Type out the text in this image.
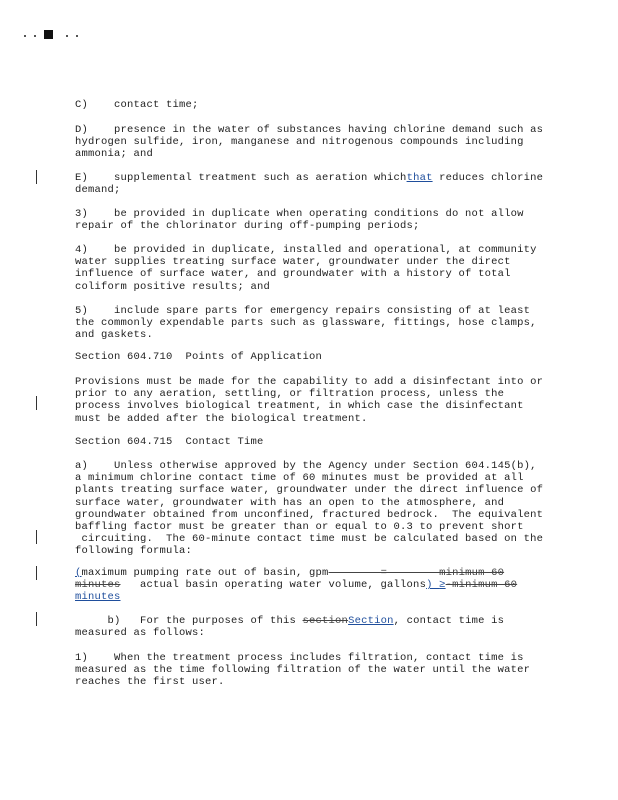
C)    contact time;
D)    presence in the water of substances having chlorine demand such as
hydrogen sulfide, iron, manganese and nitrogenous compounds including
ammonia; and
E)    supplemental treatment such as aeration whichthat reduces chlorine
demand;
3)    be provided in duplicate when operating conditions do not allow
repair of the chlorinator during off-pumping periods;
4)    be provided in duplicate, installed and operational, at community
water supplies treating surface water, groundwater under the direct
influence of surface water, and groundwater with a history of total
coliform positive results; and
5)    include spare parts for emergency repairs consisting of at least
the commonly expendable parts such as glassware, fittings, hose clamps,
and gaskets.
Section 604.710  Points of Application
Provisions must be made for the capability to add a disinfectant into or
prior to any aeration, settling, or filtration process, unless the
process involves biological treatment, in which case the disinfectant
must be added after the biological treatment.
Section 604.715  Contact Time
a)    Unless otherwise approved by the Agency under Section 604.145(b),
a minimum chlorine contact time of 60 minutes must be provided at all
plants treating surface water, groundwater under the direct influence of
surface water, groundwater with has an open to the atmosphere, and
groundwater obtained from unconfined, fractured bedrock.  The equivalent
baffling factor must be greater than or equal to 0.3 to prevent short
circuiting.  The 60-minute contact time must be calculated based on the
following formula:
(maximum pumping rate out of basin, gpm        =        minimum 60
minutes   actual basin operating water volume, gallons) ≥-minimum 60
minutes
b)   For the purposes of this sectionSection, contact time is
measured as follows:
1)    When the treatment process includes filtration, contact time is
measured as the time following filtration of the water until the water
reaches the first user.
